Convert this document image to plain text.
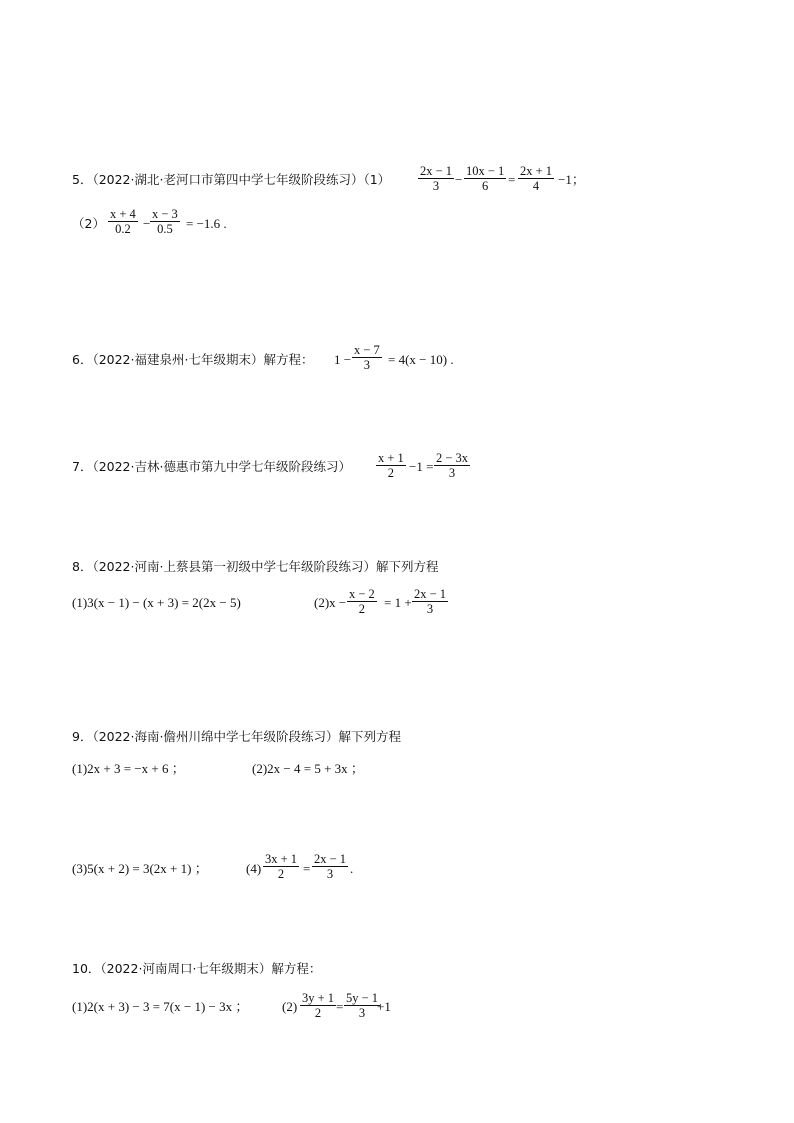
5．（2022·湖北·老河口市第四中学七年级阶段练习）$(1) \frac{2x - 1}{3} - \frac{10x - 1}{6} = \frac{2x + 1}{4} -1$；
$(2) \frac{x + 4}{0.2} - \frac{x - 3}{0.5} = -1.6$ .
6．（2022·福建泉州·七年级期末）解方程： $1 - \frac{x - 7}{3} = 4(x - 10)$ .
7．（2022·吉林·德惠市第九中学七年级阶段练习） $\frac{x + 1}{2} -1 = \frac{2 - 3x}{3}$
8．（2022·河南·上蔡县第一初级中学七年级阶段练习）解下列方程
(1)3(x − 1) − (x + 3) = 2(2x − 5)	$(2)x - \frac{x - 2}{2} = 1 + \frac{2x - 1}{3}$
9．（2022·海南·儋州川绵中学七年级阶段练习）解下列方程
(1)2x + 3 = −x + 6 ；	(2)2x − 4 = 5 + 3x ；
(3)5(x + 2) = 3(2x + 1) ；	$(4) \frac{3x + 1}{2} = \frac{2x - 1}{3}$ .
10．（2022·河南周口·七年级期末）解方程：
(1)2(x + 3) − 3 = 7(x − 1) − 3x ；	$(2) \frac{3y + 1}{2} = \frac{5y - 1}{3}$
+1
